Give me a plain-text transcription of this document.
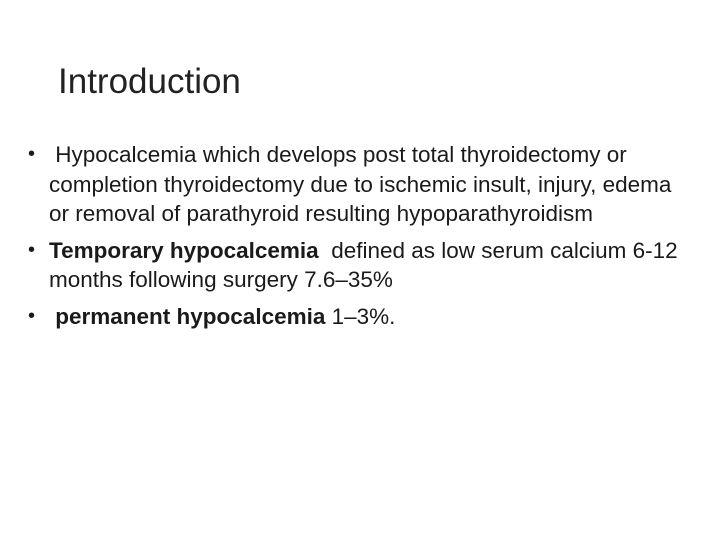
Introduction
• Hypocalcemia which develops post total thyroidectomy or completion thyroidectomy due to ischemic insult, injury, edema or removal of parathyroid resulting hypoparathyroidism
• Temporary hypocalcemia  defined as low serum calcium 6-12 months following surgery 7.6–35%
• permanent hypocalcemia 1–3%.
